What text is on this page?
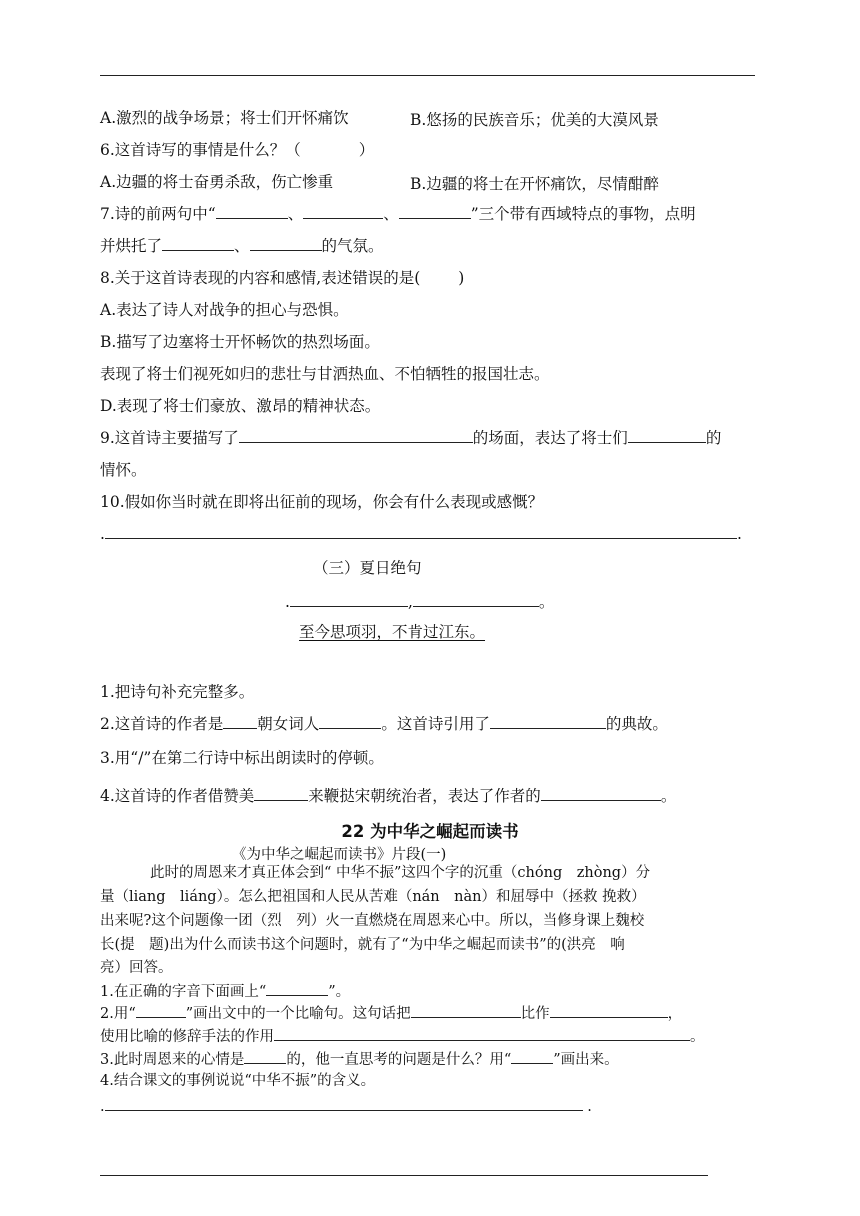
A.激烈的战争场景；将士们开怀痛饮	B.悠扬的民族音乐；优美的大漠风景
6.这首诗写的事情是什么？（	）
A.边疆的将士奋勇杀敌，伤亡惨重	B.边疆的将士在开怀痛饮，尽情酣醉
7.诗的前两句中“	、	、	”三个带有西域特点的事物，点明
并烘托了	、	的气氛。
8.关于这首诗表现的内容和感情,表述错误的是( )
A.表达了诗人对战争的担心与恐惧。
B.描写了边塞将士开怀畅饮的热烈场面。
表现了将士们视死如归的悲壮与甘洒热血、不怕牺牲的报国壮志。
D.表现了将士们豪放、激昂的精神状态。
9.这首诗主要描写了	的场面，表达了将士们	的
情怀。
10.假如你当时就在即将出征前的现场，你会有什么表现或感慨？
.	.
（三）夏日绝句
.	,	。
至今思项羽，不肯过江东。
1.把诗句补充完整多。
2.这首诗的作者是 朝女词人	。这首诗引用了	的典故。
3.用“/”在第二行诗中标出朗读时的停顿。
4.这首诗的作者借赞美	来鞭挞宋朝统治者，表达了作者的	。
22 为中华之崛起而读书
《为中华之崛起而读书》片段(一)
此时的周恩来才真正体会到“ 中华不振”这四个字的沉重（chóng　zhòng）分
量（liang　liáng）。怎么把祖国和人民从苦难（nán　nàn）和屈辱中（拯救 挽救）
出来呢?这个问题像一团（烈　列）火一直燃烧在周恩来心中。所以，当修身课上魏校
长(提　题)出为什么而读书这个问题时，就有了“为中华之崛起而读书”的(洪亮　响
亮）回答。
1.在正确的字音下面画上“	”。
2.用“	”画出文中的一个比喻句。这句话把	比作	，
使用比喻的修辞手法的作用	。
3.此时周恩来的心情是	的，他一直思考的问题是什么？用“	”画出来。
4.结合课文的事例说说“中华不振”的含义。
.	.
